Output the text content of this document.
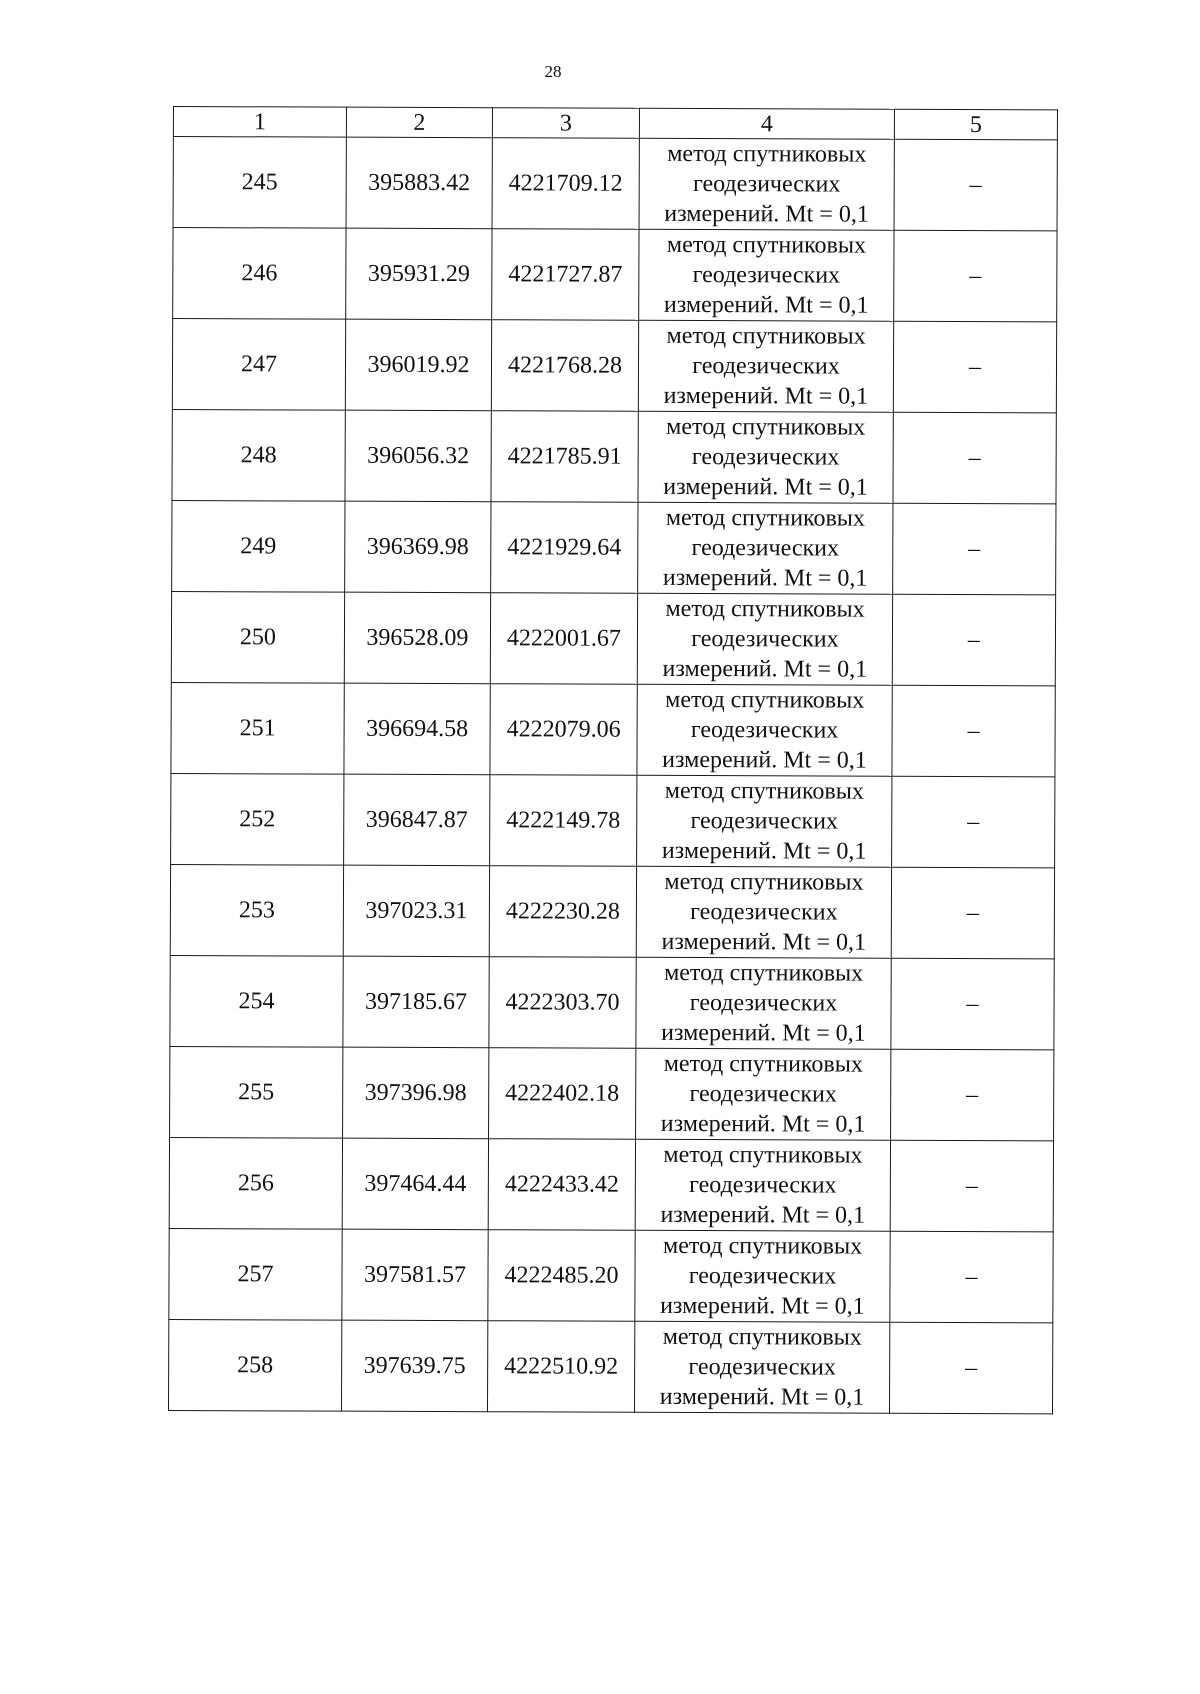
28
1	2	3	4	5
245	395883.42	4221709.12	метод спутниковых
геодезических
измерений. Mt = 0,1	–
246	395931.29	4221727.87	метод спутниковых
геодезических
измерений. Mt = 0,1	–
247	396019.92	4221768.28	метод спутниковых
геодезических
измерений. Mt = 0,1	–
248	396056.32	4221785.91	метод спутниковых
геодезических
измерений. Mt = 0,1	–
249	396369.98	4221929.64	метод спутниковых
геодезических
измерений. Mt = 0,1	–
250	396528.09	4222001.67	метод спутниковых
геодезических
измерений. Mt = 0,1	–
251	396694.58	4222079.06	метод спутниковых
геодезических
измерений. Mt = 0,1	–
252	396847.87	4222149.78	метод спутниковых
геодезических
измерений. Mt = 0,1	–
253	397023.31	4222230.28	метод спутниковых
геодезических
измерений. Mt = 0,1	–
254	397185.67	4222303.70	метод спутниковых
геодезических
измерений. Mt = 0,1	–
255	397396.98	4222402.18	метод спутниковых
геодезических
измерений. Mt = 0,1	–
256	397464.44	4222433.42	метод спутниковых
геодезических
измерений. Mt = 0,1	–
257	397581.57	4222485.20	метод спутниковых
геодезических
измерений. Mt = 0,1	–
258	397639.75	4222510.92	метод спутниковых
геодезических
измерений. Mt = 0,1	–
